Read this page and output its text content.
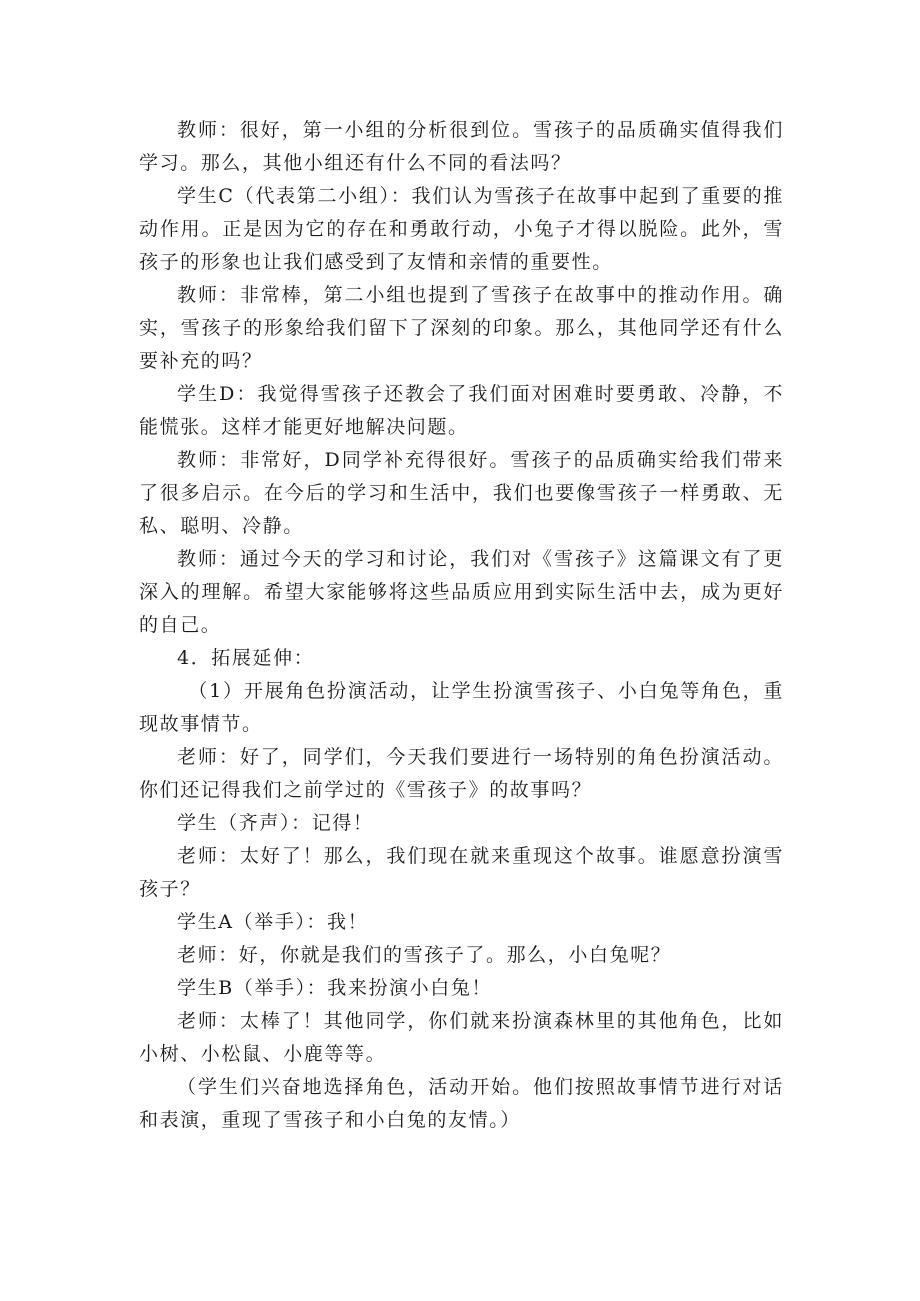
教师：很好，第一小组的分析很到位。雪孩子的品质确实值得我们学习。那么，其他小组还有什么不同的看法吗？

学生C（代表第二小组）：我们认为雪孩子在故事中起到了重要的推动作用。正是因为它的存在和勇敢行动，小兔子才得以脱险。此外，雪孩子的形象也让我们感受到了友情和亲情的重要性。

教师：非常棒，第二小组也提到了雪孩子在故事中的推动作用。确实，雪孩子的形象给我们留下了深刻的印象。那么，其他同学还有什么要补充的吗？

学生D：我觉得雪孩子还教会了我们面对困难时要勇敢、冷静，不能慌张。这样才能更好地解决问题。

教师：非常好，D同学补充得很好。雪孩子的品质确实给我们带来了很多启示。在今后的学习和生活中，我们也要像雪孩子一样勇敢、无私、聪明、冷静。

教师：通过今天的学习和讨论，我们对《雪孩子》这篇课文有了更深入的理解。希望大家能够将这些品质应用到实际生活中去，成为更好的自己。

4．拓展延伸：

（1）开展角色扮演活动，让学生扮演雪孩子、小白兔等角色，重现故事情节。

老师：好了，同学们，今天我们要进行一场特别的角色扮演活动。你们还记得我们之前学过的《雪孩子》的故事吗？

学生（齐声）：记得！

老师：太好了！那么，我们现在就来重现这个故事。谁愿意扮演雪孩子？

学生A（举手）：我！

老师：好，你就是我们的雪孩子了。那么，小白兔呢？

学生B（举手）：我来扮演小白兔！

老师：太棒了！其他同学，你们就来扮演森林里的其他角色，比如小树、小松鼠、小鹿等等。

（学生们兴奋地选择角色，活动开始。他们按照故事情节进行对话和表演，重现了雪孩子和小白兔的友情。）
